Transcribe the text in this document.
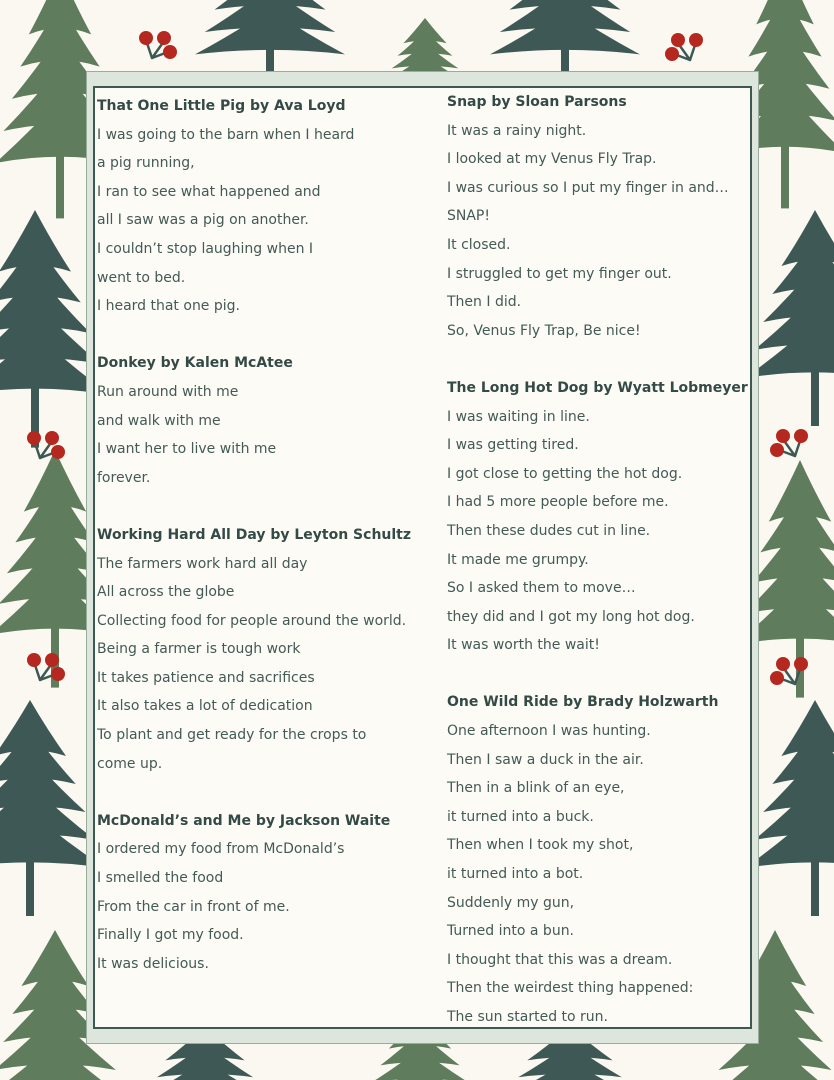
That One Little Pig by Ava Loyd
I was going to the barn when I heard
a pig running,
I ran to see what happened and
all I saw was a pig on another.
I couldn’t stop laughing when I
went to bed.
I heard that one pig.
Donkey by Kalen McAtee
Run around with me
and walk with me
I want her to live with me
forever.
Working Hard All Day by Leyton Schultz
The farmers work hard all day
All across the globe
Collecting food for people around the world.
Being a farmer is tough work
It takes patience and sacrifices
It also takes a lot of dedication
To plant and get ready for the crops to
come up.
McDonald’s and Me by Jackson Waite
I ordered my food from McDonald’s
I smelled the food
From the car in front of me.
Finally I got my food.
It was delicious.
Snap by Sloan Parsons
It was a rainy night.
I looked at my Venus Fly Trap.
I was curious so I put my finger in and…
SNAP!
It closed.
I struggled to get my finger out.
Then I did.
So, Venus Fly Trap, Be nice!
The Long Hot Dog by Wyatt Lobmeyer
I was waiting in line.
I was getting tired.
I got close to getting the hot dog.
I had 5 more people before me.
Then these dudes cut in line.
It made me grumpy.
So I asked them to move…
they did and I got my long hot dog.
It was worth the wait!
One Wild Ride by Brady Holzwarth
One afternoon I was hunting.
Then I saw a duck in the air.
Then in a blink of an eye,
it turned into a buck.
Then when I took my shot,
it turned into a bot.
Suddenly my gun,
Turned into a bun.
I thought that this was a dream.
Then the weirdest thing happened:
The sun started to run.
